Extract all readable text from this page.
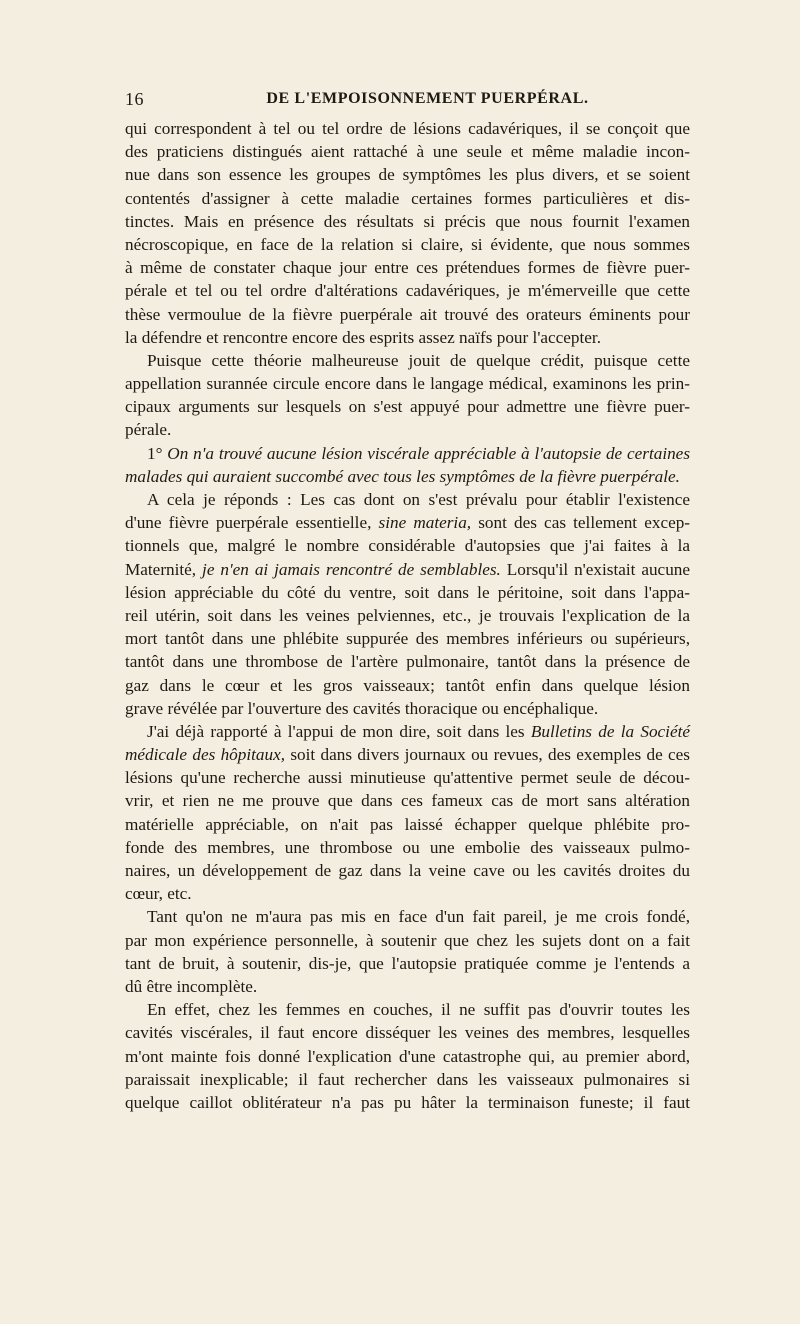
16	DE L'EMPOISONNEMENT PUERPÉRAL.
qui correspondent à tel ou tel ordre de lésions cadavériques, il se conçoit que
des praticiens distingués aient rattaché à une seule et même maladie incon-
nue dans son essence les groupes de symptômes les plus divers, et se soient
contentés d'assigner à cette maladie certaines formes particulières et dis-
tinctes. Mais en présence des résultats si précis que nous fournit l'examen
nécroscopique, en face de la relation si claire, si évidente, que nous sommes
à même de constater chaque jour entre ces prétendues formes de fièvre puer-
pérale et tel ou tel ordre d'altérations cadavériques, je m'émerveille que cette
thèse vermoulue de la fièvre puerpérale ait trouvé des orateurs éminents pour
la défendre et rencontre encore des esprits assez naïfs pour l'accepter.
Puisque cette théorie malheureuse jouit de quelque crédit, puisque cette
appellation surannée circule encore dans le langage médical, examinons les prin-
cipaux arguments sur lesquels on s'est appuyé pour admettre une fièvre puer-
pérale.
1° On n'a trouvé aucune lésion viscérale appréciable à l'autopsie de certaines
malades qui auraient succombé avec tous les symptômes de la fièvre puerpérale.
A cela je réponds : Les cas dont on s'est prévalu pour établir l'existence
d'une fièvre puerpérale essentielle, sine materia, sont des cas tellement excep-
tionnels que, malgré le nombre considérable d'autopsies que j'ai faites à la
Maternité, je n'en ai jamais rencontré de semblables. Lorsqu'il n'existait aucune
lésion appréciable du côté du ventre, soit dans le péritoine, soit dans l'appa-
reil utérin, soit dans les veines pelviennes, etc., je trouvais l'explication de la
mort tantôt dans une phlébite suppurée des membres inférieurs ou supérieurs,
tantôt dans une thrombose de l'artère pulmonaire, tantôt dans la présence de
gaz dans le cœur et les gros vaisseaux; tantôt enfin dans quelque lésion
grave révélée par l'ouverture des cavités thoracique ou encéphalique.
J'ai déjà rapporté à l'appui de mon dire, soit dans les Bulletins de la Société
médicale des hôpitaux, soit dans divers journaux ou revues, des exemples de ces
lésions qu'une recherche aussi minutieuse qu'attentive permet seule de décou-
vrir, et rien ne me prouve que dans ces fameux cas de mort sans altération
matérielle appréciable, on n'ait pas laissé échapper quelque phlébite pro-
fonde des membres, une thrombose ou une embolie des vaisseaux pulmo-
naires, un développement de gaz dans la veine cave ou les cavités droites du
cœur, etc.
Tant qu'on ne m'aura pas mis en face d'un fait pareil, je me crois fondé,
par mon expérience personnelle, à soutenir que chez les sujets dont on a fait
tant de bruit, à soutenir, dis-je, que l'autopsie pratiquée comme je l'entends a
dû être incomplète.
En effet, chez les femmes en couches, il ne suffit pas d'ouvrir toutes les
cavités viscérales, il faut encore disséquer les veines des membres, lesquelles
m'ont mainte fois donné l'explication d'une catastrophe qui, au premier abord,
paraissait inexplicable; il faut rechercher dans les vaisseaux pulmonaires si
quelque caillot oblitérateur n'a pas pu hâter la terminaison funeste; il faut
